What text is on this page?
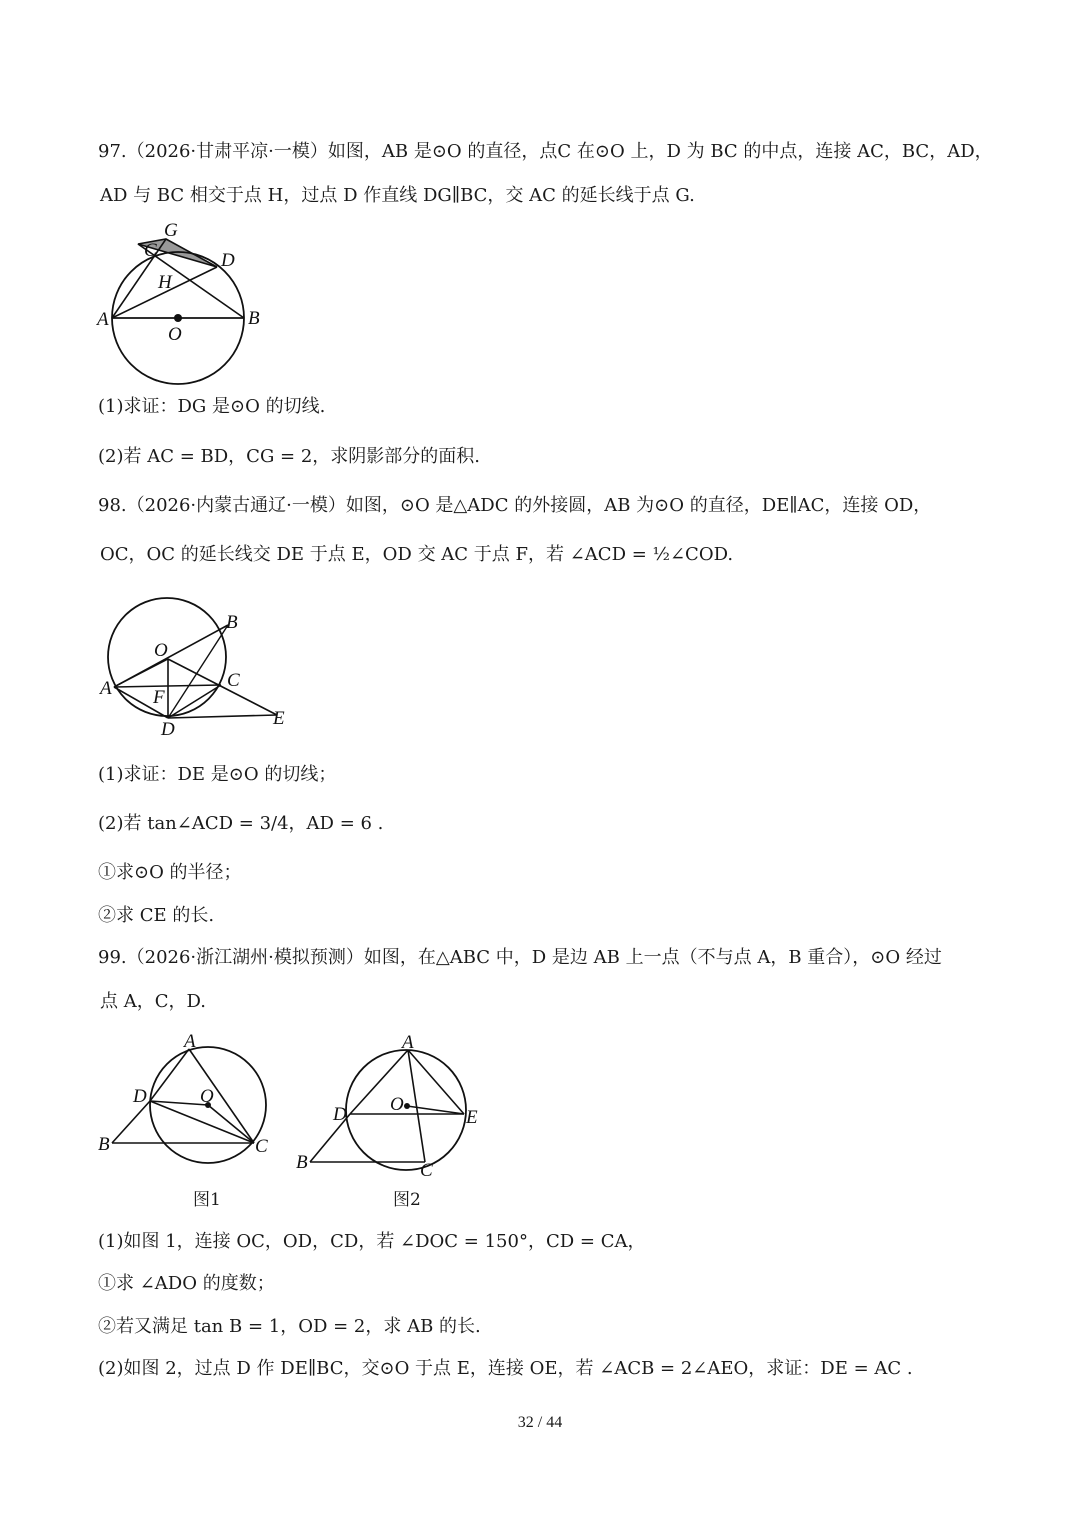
97.（2026·甘肃平凉·一模）如图，AB 是⊙O 的直径，点C 在⊙O 上，D 为 BC 的中点，连接 AC，BC，AD，
AD 与 BC 相交于点 H，过点 D 作直线 DG∥BC，交 AC 的延长线于点 G.
G
C	D
H
A	B
O
(1)求证：DG 是⊙O 的切线.
(2)若 AC = BD，CG = 2，求阴影部分的面积.
98.（2026·内蒙古通辽·一模）如图，⊙O 是△ADC 的外接圆，AB 为⊙O 的直径，DE∥AC，连接 OD，
OC，OC 的延长线交 DE 于点 E，OD 交 AC 于点 F，若 ∠ACD = ½∠COD.
B
O
A	C
F
D
E
(1)求证：DE 是⊙O 的切线；
(2)若 tan∠ACD = 3/4，AD = 6 .
①求⊙O 的半径；
②求 CE 的长.
99.（2026·浙江湖州·模拟预测）如图，在△ABC 中，D 是边 AB 上一点（不与点 A，B 重合），⊙O 经过
点 A，C，D.
A
D	O
B	C
图1
A
D O
E
B	C
图2
(1)如图 1，连接 OC，OD，CD，若 ∠DOC = 150°，CD = CA，
①求 ∠ADO 的度数；
②若又满足 tan B = 1，OD = 2，求 AB 的长.
(2)如图 2，过点 D 作 DE∥BC，交⊙O 于点 E，连接 OE，若 ∠ACB = 2∠AEO，求证：DE = AC .
32 / 44
